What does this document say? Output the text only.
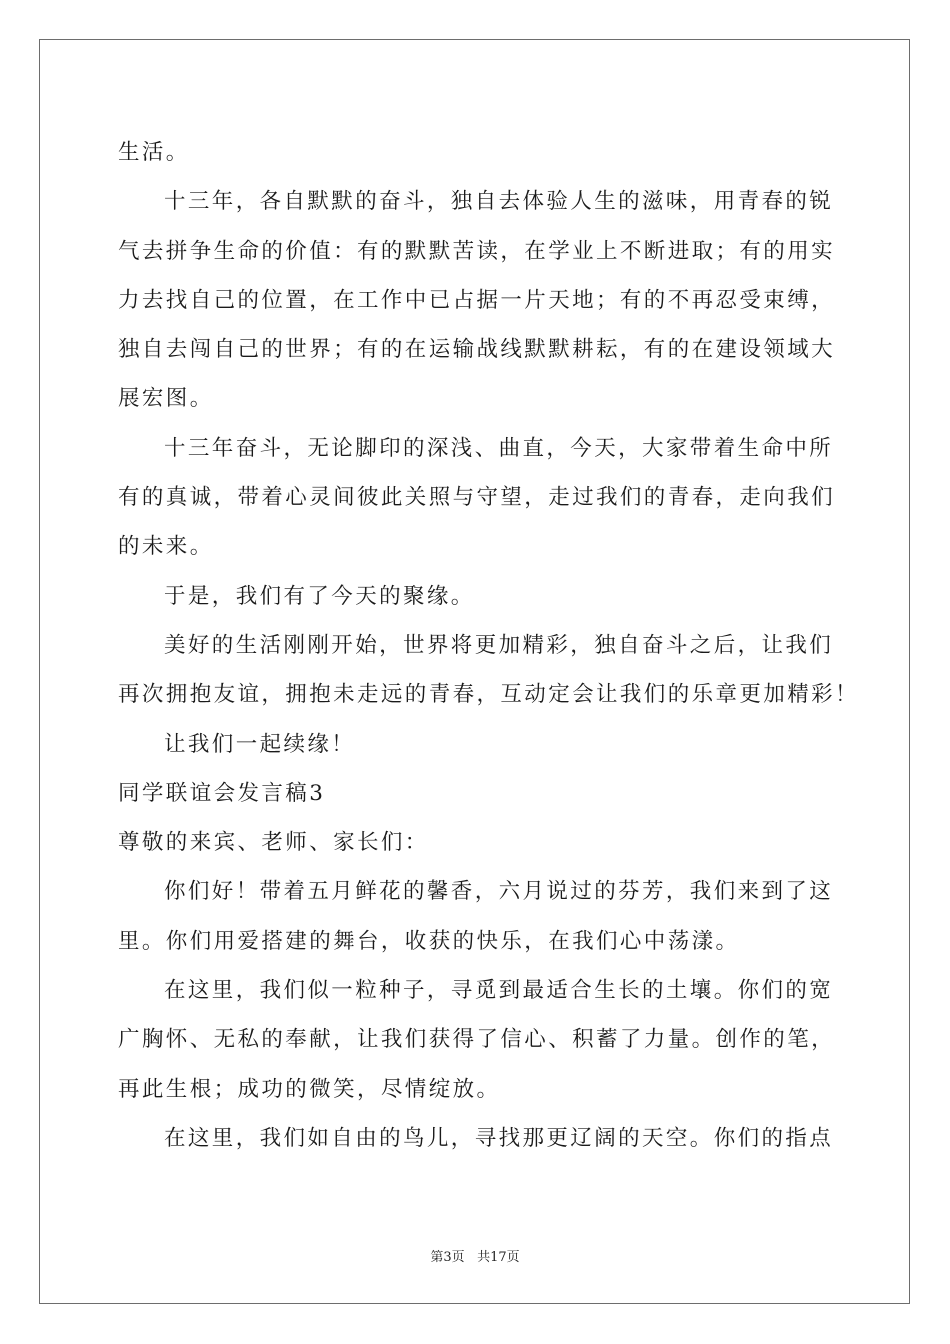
生活。
十三年，各自默默的奋斗，独自去体验人生的滋味，用青春的锐
气去拼争生命的价值：有的默默苦读，在学业上不断进取；有的用实
力去找自己的位置，在工作中已占据一片天地；有的不再忍受束缚，
独自去闯自己的世界；有的在运输战线默默耕耘，有的在建设领域大
展宏图。
十三年奋斗，无论脚印的深浅、曲直，今天，大家带着生命中所
有的真诚，带着心灵间彼此关照与守望，走过我们的青春，走向我们
的未来。
于是，我们有了今天的聚缘。
美好的生活刚刚开始，世界将更加精彩，独自奋斗之后，让我们
再次拥抱友谊，拥抱未走远的青春，互动定会让我们的乐章更加精彩！
让我们一起续缘！
同学联谊会发言稿3
尊敬的来宾、老师、家长们：
你们好！带着五月鲜花的馨香，六月说过的芬芳，我们来到了这
里。你们用爱搭建的舞台，收获的快乐，在我们心中荡漾。
在这里，我们似一粒种子，寻觅到最适合生长的土壤。你们的宽
广胸怀、无私的奉献，让我们获得了信心、积蓄了力量。创作的笔，
再此生根；成功的微笑，尽情绽放。
在这里，我们如自由的鸟儿，寻找那更辽阔的天空。你们的指点
第3页 共17页
